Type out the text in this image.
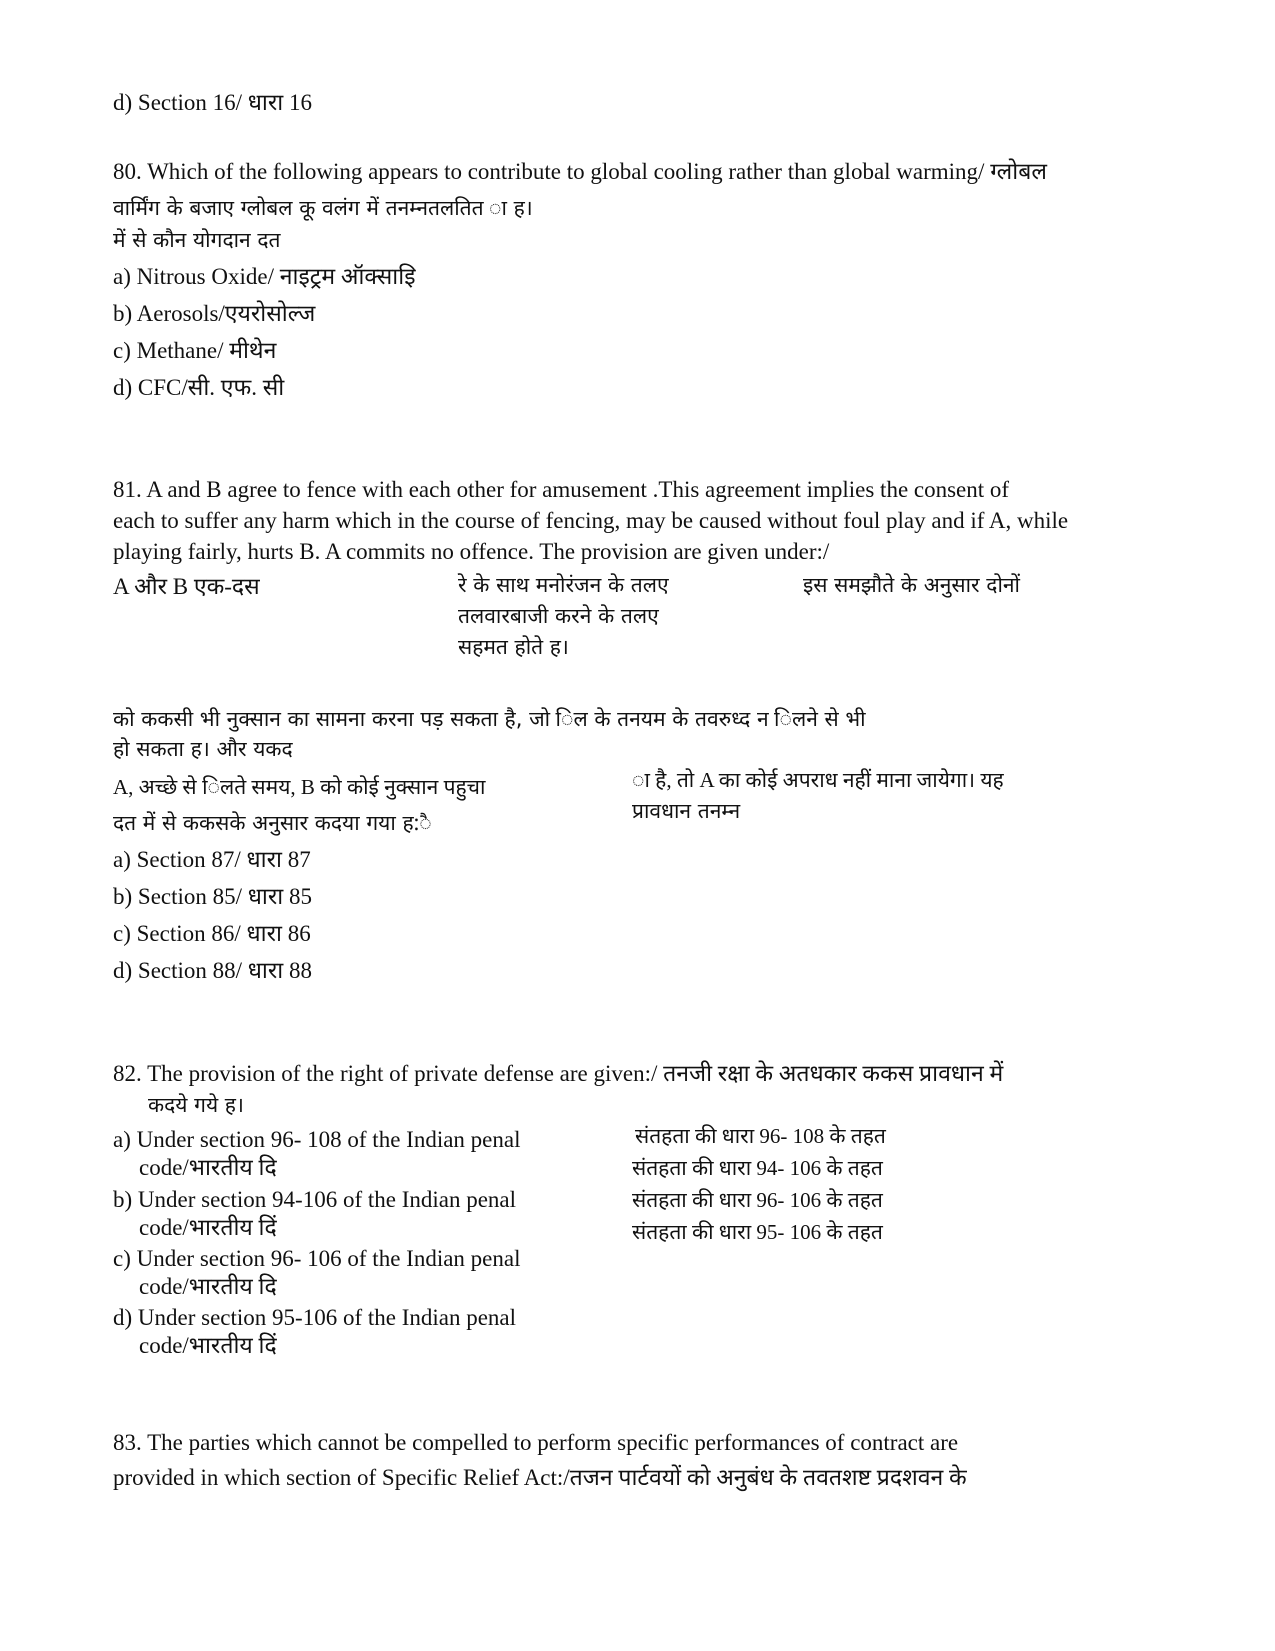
d) Section 16/ धारा 16
80. Which of the following appears to contribute to global cooling rather than global warming/ ग्लोबल
वार्मिंग के बजाए ग्लोबल कू वलंग में तनम्नतलतित ा ह।
में से कौन योगदान दत
a) Nitrous Oxide/ नाइट्रम ऑक्साइि
b) Aerosols/एयरोसोल्ज
c) Methane/ मीथेन
d) CFC/सी. एफ. सी
81. A and B agree to fence with each other for amusement .This agreement implies the consent of
each to suffer any harm which in the course of fencing, may be caused without foul play and if A, while
playing fairly, hurts B. A commits no offence. The provision are given under:/
A और B एक-दस	रे के साथ मनोरंजन के तलए
तलवारबाजी करने के तलए
सहमत होते ह।
इस समझौते के अनुसार दोनों
को ककसी भी नुक्सान का सामना करना पड़ सकता है, जो िल के तनयम के तवरुध्द न िलने से भी
हो सकता ह। और यकद
A, अच्छे से िलते समय, B को कोई नुक्सान पहुचा
दत में से ककसके अनुसार कदया गया ह:ै
ा है, तो A का कोई अपराध नहीं माना जायेगा। यह
प्रावधान तनम्न
a) Section 87/ धारा 87
b) Section 85/ धारा 85
c) Section 86/ धारा 86
d) Section 88/ धारा 88
82. The provision of the right of private defense are given:/ तनजी रक्षा के अतधकार ककस प्रावधान में
कदये गये ह।
a) Under section 96- 108 of the Indian penal
code/भारतीय दि
b) Under section 94-106 of the Indian penal
code/भारतीय दिं
c) Under section 96- 106 of the Indian penal
code/भारतीय दि
d) Under section 95-106 of the Indian penal
code/भारतीय दिं
संतहता की धारा 96- 108 के तहत
संतहता की धारा 94- 106 के तहत
संतहता की धारा 96- 106 के तहत
संतहता की धारा 95- 106 के तहत
83. The parties which cannot be compelled to perform specific performances of contract are
provided in which section of Specific Relief Act:/तजन पार्टवयों को अनुबंध के तवतशष्ट प्रदशवन के
